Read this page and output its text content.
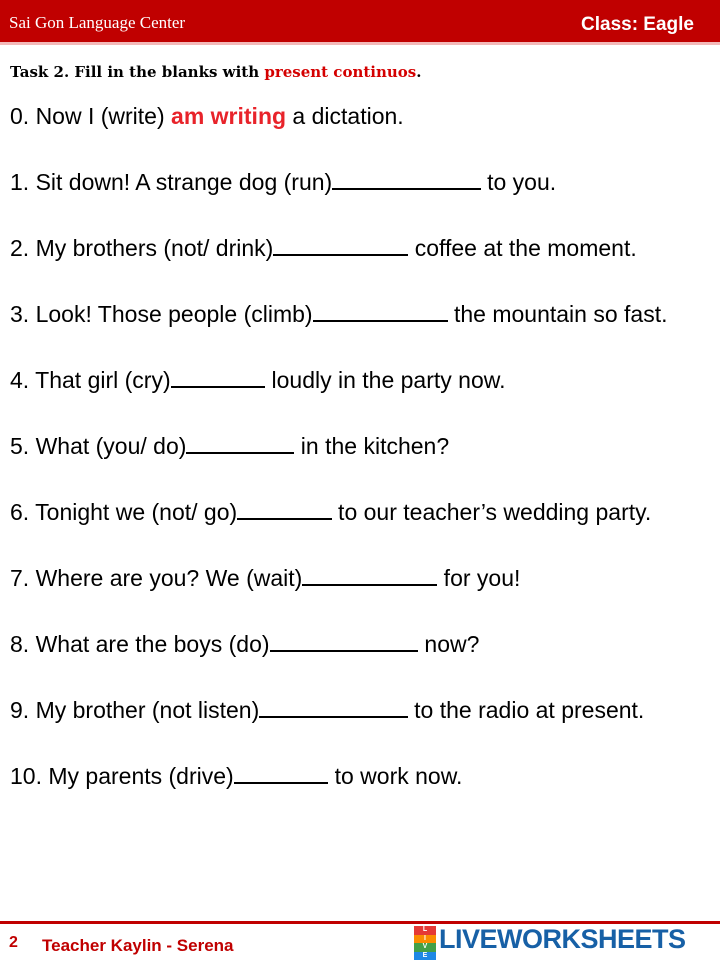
Sai Gon Language Center	Class: Eagle
Task 2. Fill in the blanks with present continuos.
0. Now I (write) am writing a dictation.
1. Sit down! A strange dog (run)	to you.
2. My brothers (not/ drink)	coffee at the moment.
3. Look! Those people (climb)	the mountain so fast.
4. That girl (cry)	loudly in the party now.
5. What (you/ do)	in the kitchen?
6. Tonight we (not/ go)	to our teacher’s wedding party.
7. Where are you? We (wait)	for you!
8. What are the boys (do)	now?
9. My brother (not listen)	to the radio at present.
10. My parents (drive)	to work now.
2 Teacher Kaylin - Serena
L
I
V
E
LIVEWORKSHEETS
